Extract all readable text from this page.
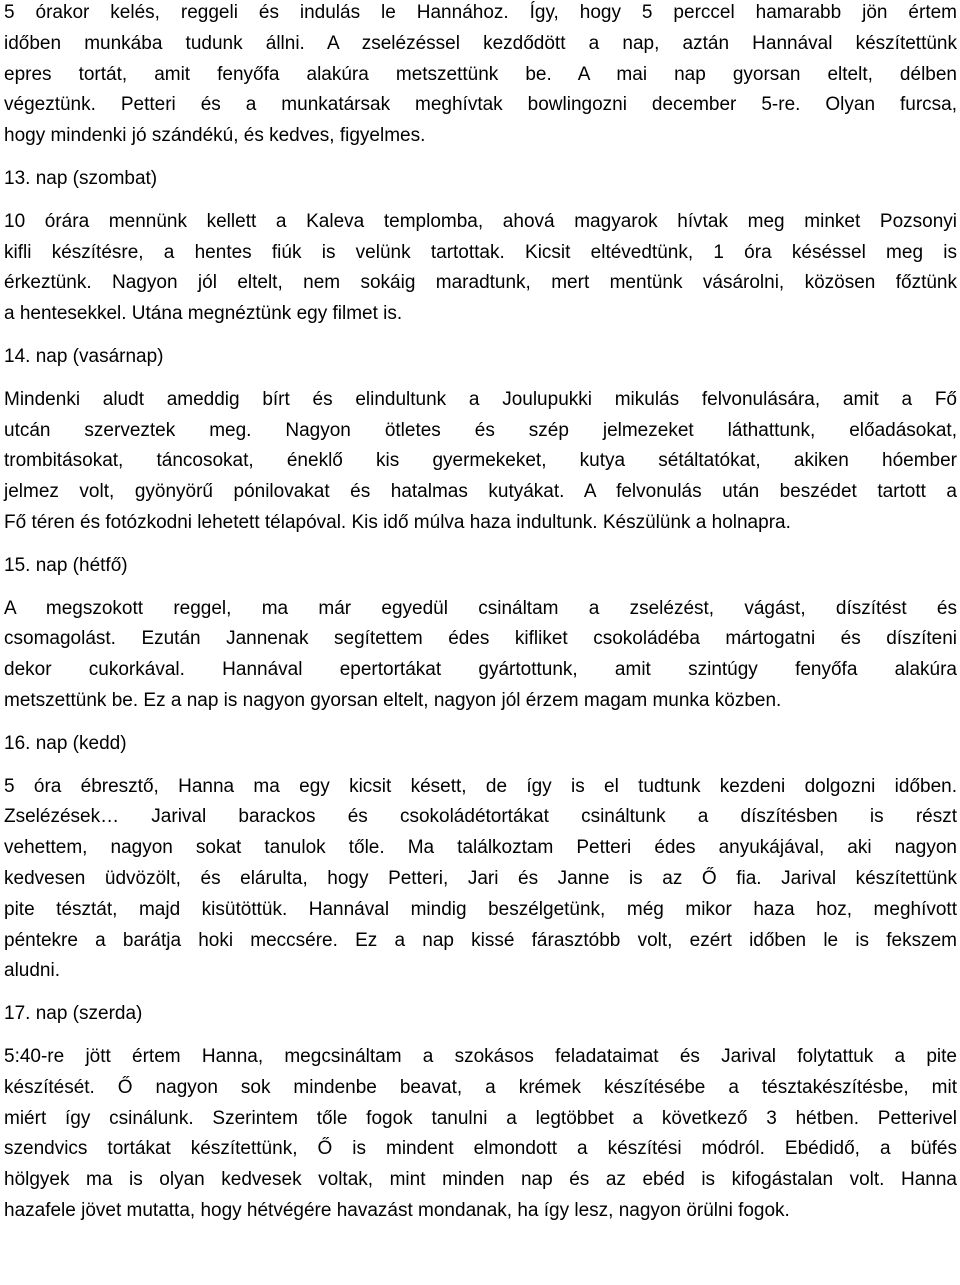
5 órakor kelés, reggeli és indulás le Hannához. Így, hogy 5 perccel hamarabb jön értem
időben munkába tudunk állni. A zselézéssel kezdődött a nap, aztán Hannával készítettünk
epres tortát, amit fenyőfa alakúra metszettünk be. A mai nap gyorsan eltelt, délben
végeztünk. Petteri és a munkatársak meghívtak bowlingozni december 5-re. Olyan furcsa,
hogy mindenki jó szándékú, és kedves, figyelmes.

13. nap (szombat)

10 órára mennünk kellett a Kaleva templomba, ahová magyarok hívtak meg minket Pozsonyi
kifli készítésre, a hentes fiúk is velünk tartottak. Kicsit eltévedtünk, 1 óra késéssel meg is
érkeztünk. Nagyon jól eltelt, nem sokáig maradtunk, mert mentünk vásárolni, közösen főztünk
a hentesekkel. Utána megnéztünk egy filmet is.

14. nap (vasárnap)

Mindenki aludt ameddig bírt és elindultunk a Joulupukki mikulás felvonulására, amit a Fő
utcán szerveztek meg. Nagyon ötletes és szép jelmezeket láthattunk, előadásokat,
trombitásokat, táncosokat, éneklő kis gyermekeket, kutya sétáltatókat, akiken hóember
jelmez volt, gyönyörű pónilovakat és hatalmas kutyákat. A felvonulás után beszédet tartott a
Fő téren és fotózkodni lehetett télapóval. Kis idő múlva haza indultunk. Készülünk a holnapra.

15. nap (hétfő)

A megszokott reggel, ma már egyedül csináltam a zselézést, vágást, díszítést és
csomagolást. Ezután Jannenak segítettem édes kifliket csokoládéba mártogatni és díszíteni
dekor cukorkával. Hannával epertortákat gyártottunk, amit szintúgy fenyőfa alakúra
metszettünk be. Ez a nap is nagyon gyorsan eltelt, nagyon jól érzem magam munka közben.

16. nap (kedd)

5 óra ébresztő, Hanna ma egy kicsit késett, de így is el tudtunk kezdeni dolgozni időben.
Zselézések… Jarival barackos és csokoládétortákat csináltunk a díszítésben is részt
vehettem, nagyon sokat tanulok tőle. Ma találkoztam Petteri édes anyukájával, aki nagyon
kedvesen üdvözölt, és elárulta, hogy Petteri, Jari és Janne is az Ő fia. Jarival készítettünk
pite tésztát, majd kisütöttük. Hannával mindig beszélgetünk, még mikor haza hoz, meghívott
péntekre a barátja hoki meccsére. Ez a nap kissé fárasztóbb volt, ezért időben le is fekszem
aludni.

17. nap (szerda)

5:40-re jött értem Hanna, megcsináltam a szokásos feladataimat és Jarival folytattuk a pite
készítését. Ő nagyon sok mindenbe beavat, a krémek készítésébe a tésztakészítésbe, mit
miért így csinálunk. Szerintem tőle fogok tanulni a legtöbbet a következő 3 hétben. Petterivel
szendvics tortákat készítettünk, Ő is mindent elmondott a készítési módról. Ebédidő, a büfés
hölgyek ma is olyan kedvesek voltak, mint minden nap és az ebéd is kifogástalan volt. Hanna
hazafele jövet mutatta, hogy hétvégére havazást mondanak, ha így lesz, nagyon örülni fogok.
